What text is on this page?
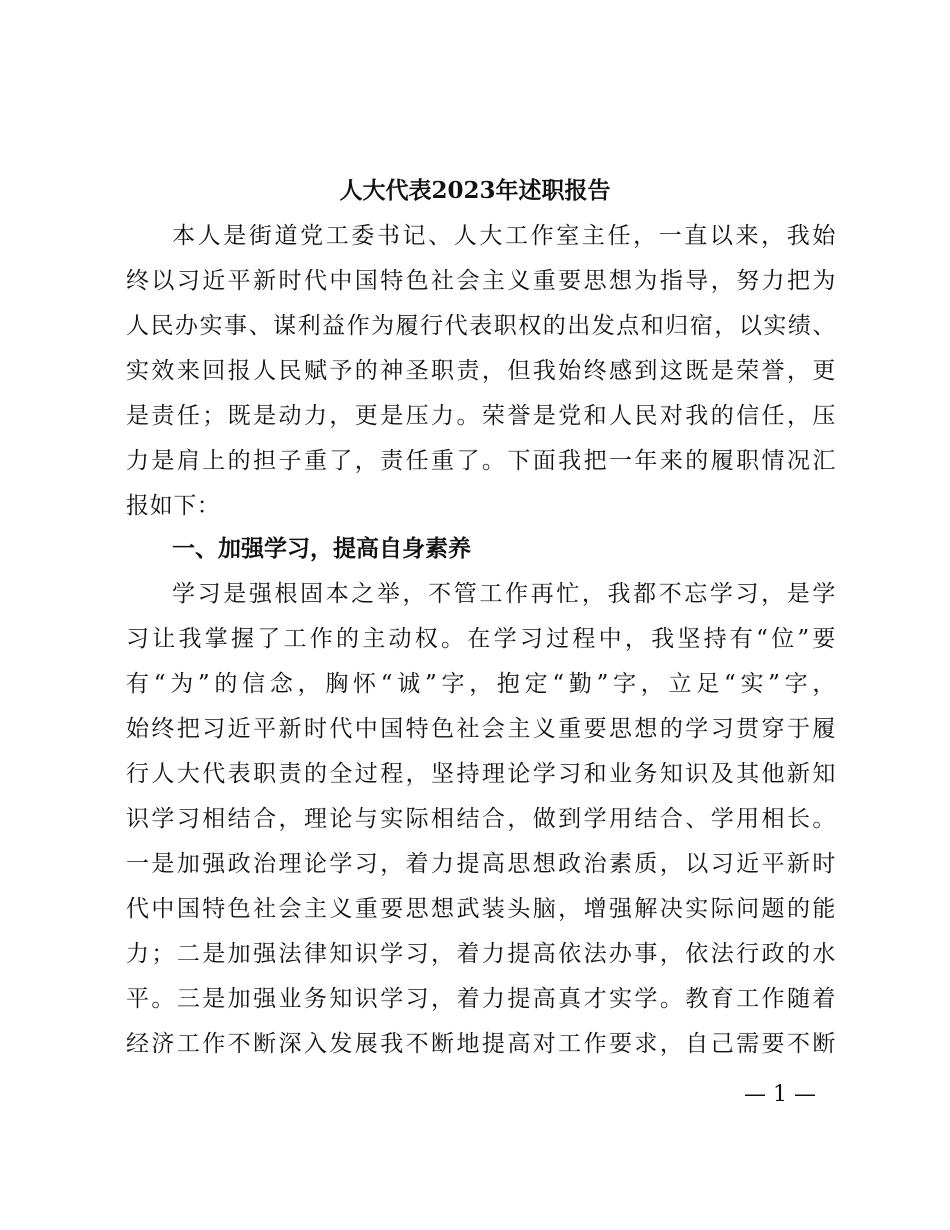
人大代表2023年述职报告
本人是街道党工委书记、人大工作室主任，一直以来，我始
终以习近平新时代中国特色社会主义重要思想为指导，努力把为
人民办实事、谋利益作为履行代表职权的出发点和归宿，以实绩、
实效来回报人民赋予的神圣职责，但我始终感到这既是荣誉，更
是责任；既是动力，更是压力。荣誉是党和人民对我的信任，压
力是肩上的担子重了，责任重了。下面我把一年来的履职情况汇
报如下：
一、加强学习，提高自身素养
学习是强根固本之举，不管工作再忙，我都不忘学习，是学
习让我掌握了工作的主动权。在学习过程中，我坚持有“位”要
有“为”的信念，胸怀“诚”字，抱定“勤”字，立足“实”字，
始终把习近平新时代中国特色社会主义重要思想的学习贯穿于履
行人大代表职责的全过程，坚持理论学习和业务知识及其他新知
识学习相结合，理论与实际相结合，做到学用结合、学用相长。
一是加强政治理论学习，着力提高思想政治素质，以习近平新时
代中国特色社会主义重要思想武装头脑，增强解决实际问题的能
力；二是加强法律知识学习，着力提高依法办事，依法行政的水
平。三是加强业务知识学习，着力提高真才实学。教育工作随着
经济工作不断深入发展我不断地提高对工作要求，自己需要不断
— 1 —
